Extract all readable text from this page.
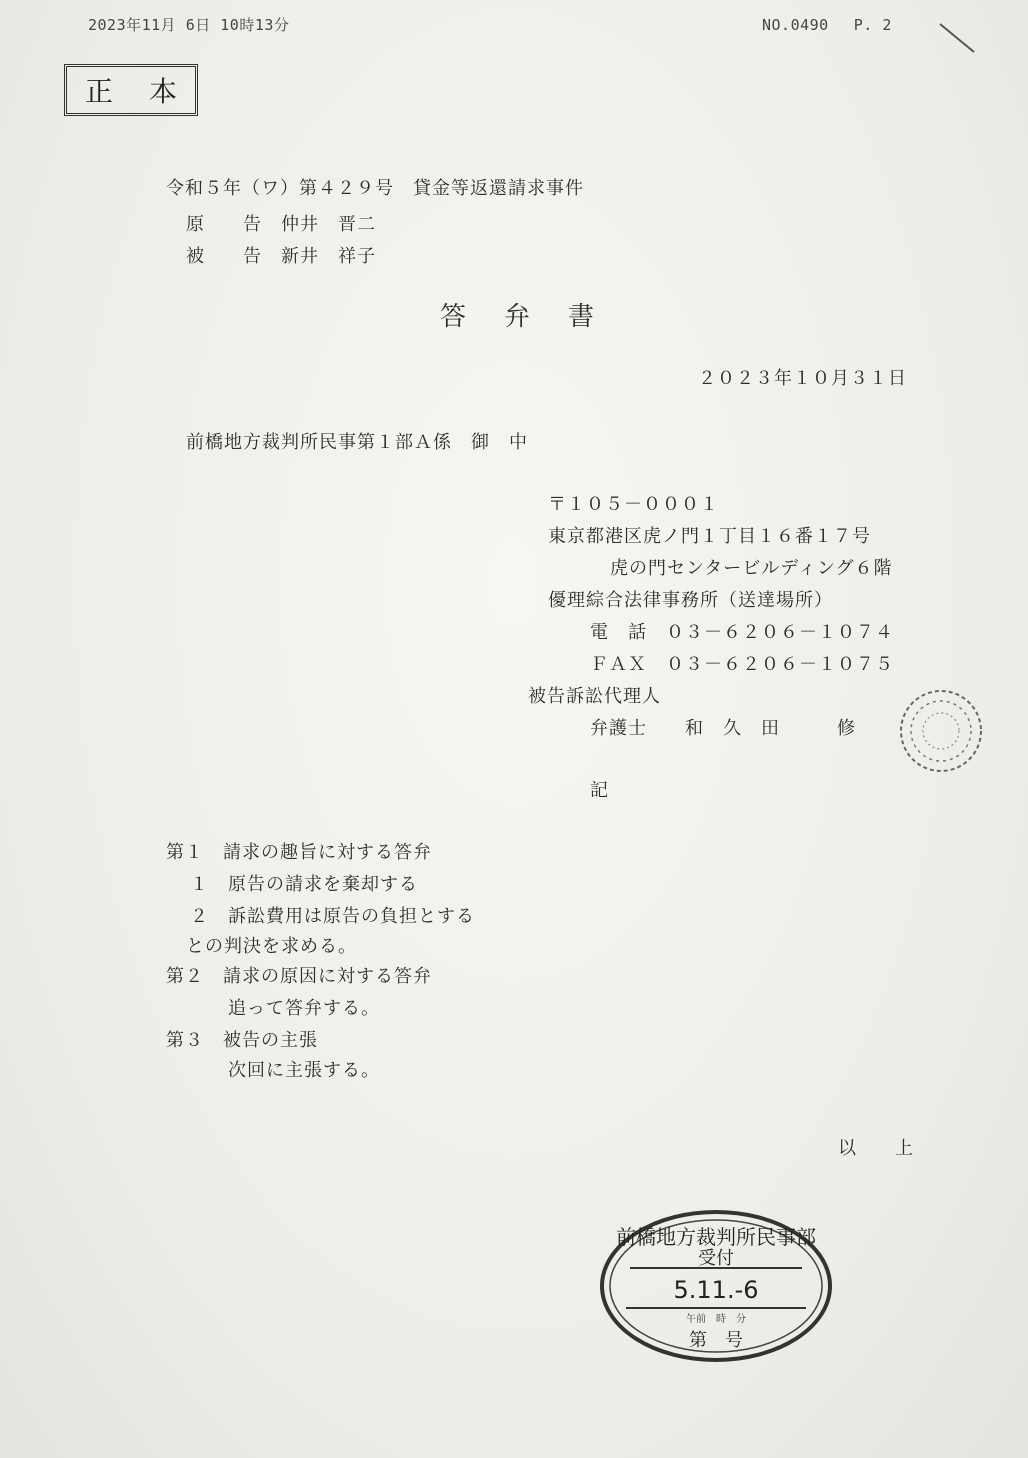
2023年11月 6日 10時13分	NO.0490　 P. 2
正 本
令和５年（ワ）第４２９号　貸金等返還請求事件
原　　告　仲井　晋二
被　　告　新井　祥子
答弁書
２０２３年１０月３１日
前橋地方裁判所民事第１部Ａ係　御　中
〒１０５－０００１
東京都港区虎ノ門１丁目１６番１７号
虎の門センタービルディング６階
優理綜合法律事務所（送達場所）
電　話　０３－６２０６－１０７４
ＦＡＸ　０３－６２０６－１０７５
被告訴訟代理人
弁護士　　和　久　田　　　修
記
第１　請求の趣旨に対する答弁
１　原告の請求を棄却する
２　訴訟費用は原告の負担とする
との判決を求める。
第２　請求の原因に対する答弁
追って答弁する。
第３　被告の主張
次回に主張する。
以　　上
前橋地方裁判所民事部
受付
5.11.-6
午前　時　分
第　号
